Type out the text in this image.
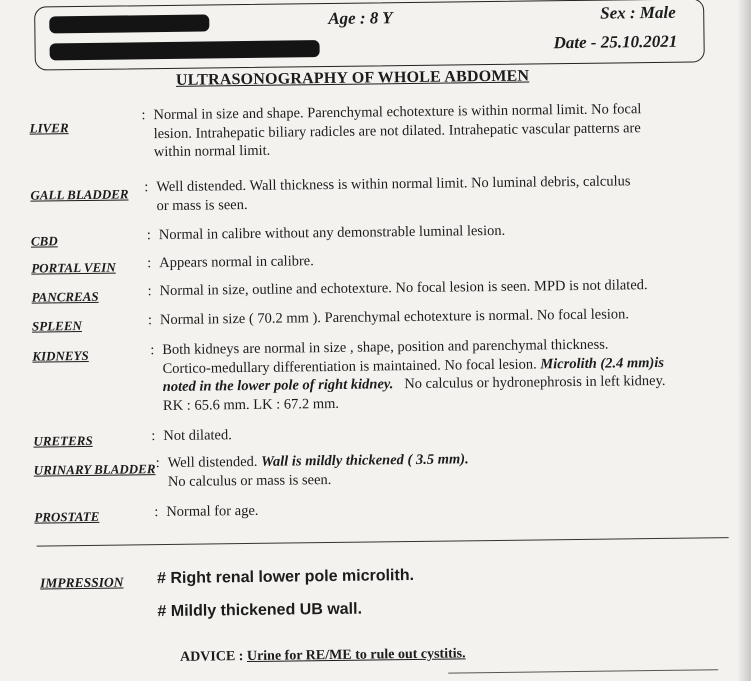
Age : 8 Y	Sex : Male
Date - 25.10.2021
ULTRASONOGRAPHY OF WHOLE ABDOMEN
LIVER
: Normal in size and shape. Parenchymal echotexture is within normal limit. No focal
lesion. Intrahepatic biliary radicles are not dilated. Intrahepatic vascular patterns are
within normal limit.
GALL BLADDER : Well distended. Wall thickness is within normal limit. No luminal debris, calculus
or mass is seen.
CBD	: Normal in calibre without any demonstrable luminal lesion.
PORTAL VEIN : Appears normal in calibre.
PANCREAS	: Normal in size, outline and echotexture. No focal lesion is seen. MPD is not dilated.
SPLEEN	: Normal in size ( 70.2 mm ). Parenchymal echotexture is normal. No focal lesion.
KIDNEYS	: Both kidneys are normal in size , shape, position and parenchymal thickness.
Cortico-medullary differentiation is maintained. No focal lesion. Microlith (2.4 mm)is
noted in the lower pole of right kidney. No calculus or hydronephrosis in left kidney.
RK : 65.6 mm. LK : 67.2 mm.
URETERS	: Not dilated.
URINARY BLADDER : Well distended. Wall is mildly thickened ( 3.5 mm).
No calculus or mass is seen.
PROSTATE	: Normal for age.
IMPRESSION # Right renal lower pole microlith.
# Mildly thickened UB wall.
ADVICE : Urine for RE/ME to rule out cystitis.
